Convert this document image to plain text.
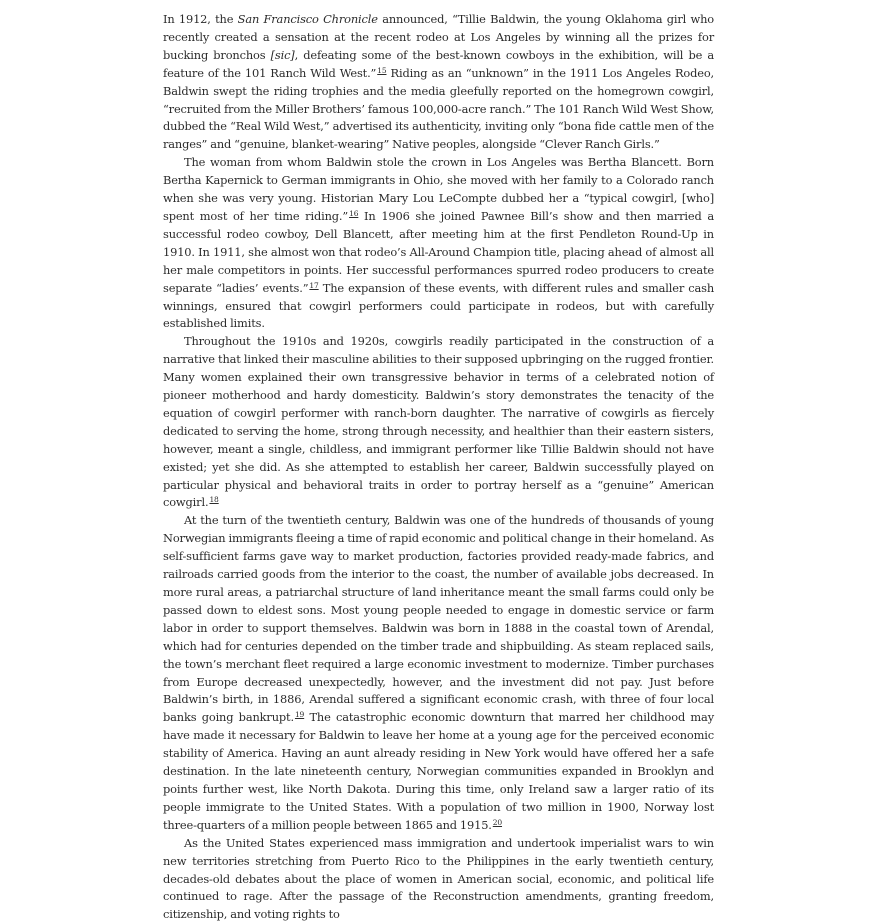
In 1912, the San Francisco Chronicle announced, “Tillie Baldwin, the young Oklahoma girl who recently created a sensation at the recent rodeo at Los Angeles by winning all the prizes for bucking bronchos [sic], defeating some of the best-known cowboys in the exhibition, will be a feature of the 101 Ranch Wild West.”$^{15}$ Riding as an “unknown” in the 1911 Los Angeles Rodeo, Baldwin swept the riding trophies and the media gleefully reported on the homegrown cowgirl, “recruited from the Miller Brothers’ famous 100,000-acre ranch.” The 101 Ranch Wild West Show, dubbed the “Real Wild West,” advertised its authenticity, inviting only “bona fide cattle men of the ranges” and “genuine, blanket-wearing” Native peoples, alongside “Clever Ranch Girls.”

The woman from whom Baldwin stole the crown in Los Angeles was Bertha Blancett. Born Bertha Kapernick to German immigrants in Ohio, she moved with her family to a Colorado ranch when she was very young. Historian Mary Lou LeCompte dubbed her a “typical cowgirl, [who] spent most of her time riding.”$^{16}$ In 1906 she joined Pawnee Bill’s show and then married a successful rodeo cowboy, Dell Blancett, after meeting him at the first Pendleton Round-Up in 1910. In 1911, she almost won that rodeo’s All-Around Champion title, placing ahead of almost all her male competitors in points. Her successful performances spurred rodeo producers to create separate “ladies’ events.”$^{17}$ The expansion of these events, with different rules and smaller cash winnings, ensured that cowgirl performers could participate in rodeos, but with carefully established limits.

Throughout the 1910s and 1920s, cowgirls readily participated in the construction of a narrative that linked their masculine abilities to their supposed upbringing on the rugged frontier. Many women explained their own transgressive behavior in terms of a celebrated notion of pioneer motherhood and hardy domesticity. Baldwin’s story demonstrates the tenacity of the equation of cowgirl performer with ranch-born daughter. The narrative of cowgirls as fiercely dedicated to serving the home, strong through necessity, and healthier than their eastern sisters, however, meant a single, childless, and immigrant performer like Tillie Baldwin should not have existed; yet she did. As she attempted to establish her career, Baldwin successfully played on particular physical and behavioral traits in order to portray herself as a “genuine” American cowgirl.$^{18}$

At the turn of the twentieth century, Baldwin was one of the hundreds of thousands of young Norwegian immigrants fleeing a time of rapid economic and political change in their homeland. As self-sufficient farms gave way to market production, factories provided ready-made fabrics, and railroads carried goods from the interior to the coast, the number of available jobs decreased. In more rural areas, a patriarchal structure of land inheritance meant the small farms could only be passed down to eldest sons. Most young people needed to engage in domestic service or farm labor in order to support themselves. Baldwin was born in 1888 in the coastal town of Arendal, which had for centuries depended on the timber trade and shipbuilding. As steam replaced sails, the town’s merchant fleet required a large economic investment to modernize. Timber purchases from Europe decreased unexpectedly, however, and the investment did not pay. Just before Baldwin’s birth, in 1886, Arendal suffered a significant economic crash, with three of four local banks going bankrupt.$^{19}$ The catastrophic economic downturn that marred her childhood may have made it necessary for Baldwin to leave her home at a young age for the perceived economic stability of America. Having an aunt already residing in New York would have offered her a safe destination. In the late nineteenth century, Norwegian communities expanded in Brooklyn and points further west, like North Dakota. During this time, only Ireland saw a larger ratio of its people immigrate to the United States. With a population of two million in 1900, Norway lost three-quarters of a million people between 1865 and 1915.20

As the United States experienced mass immigration and undertook imperialist wars to win new territories stretching from Puerto Rico to the Philippines in the early twentieth century, decades-old debates about the place of women in American social, economic, and political life continued to rage. After the passage of the Reconstruction amendments, granting freedom, citizenship, and voting rights to
